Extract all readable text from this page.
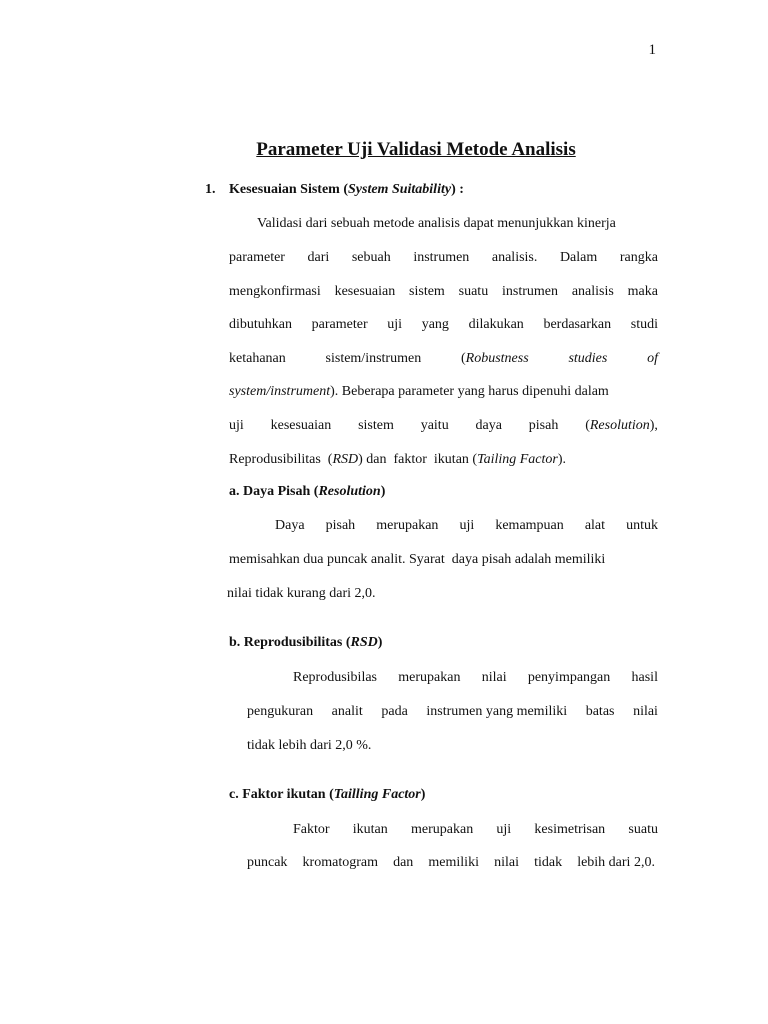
1
Parameter Uji Validasi Metode Analisis
1. Kesesuaian Sistem (System Suitability) :
Validasi dari sebuah metode analisis dapat menunjukkan kinerja
parameter dari sebuah instrumen analisis. Dalam rangka
mengkonfirmasi kesesuaian sistem suatu instrumen analisis maka
dibutuhkan parameter uji yang dilakukan berdasarkan studi
ketahanan	sistem/instrumen	(Robustness	studies	of
system/instrument). Beberapa parameter yang harus dipenuhi dalam
uji kesesuaian sistem yaitu daya pisah (Resolution),
Reprodusibilitas  (RSD) dan  faktor  ikutan (Tailing Factor).
a. Daya Pisah (Resolution)
Daya pisah merupakan uji kemampuan alat untuk
memisahkan dua puncak analit. Syarat  daya pisah adalah memiliki
nilai tidak kurang dari 2,0.
b. Reprodusibilitas (RSD)
Reprodusibilas merupakan nilai penyimpangan hasil
pengukuran analit pada instrumen yang memiliki batas nilai
tidak lebih dari 2,0 %.
c. Faktor ikutan (Tailling Factor)
Faktor ikutan merupakan uji kesimetrisan suatu
puncak kromatogram dan memiliki nilai tidak lebih dari 2,0.
